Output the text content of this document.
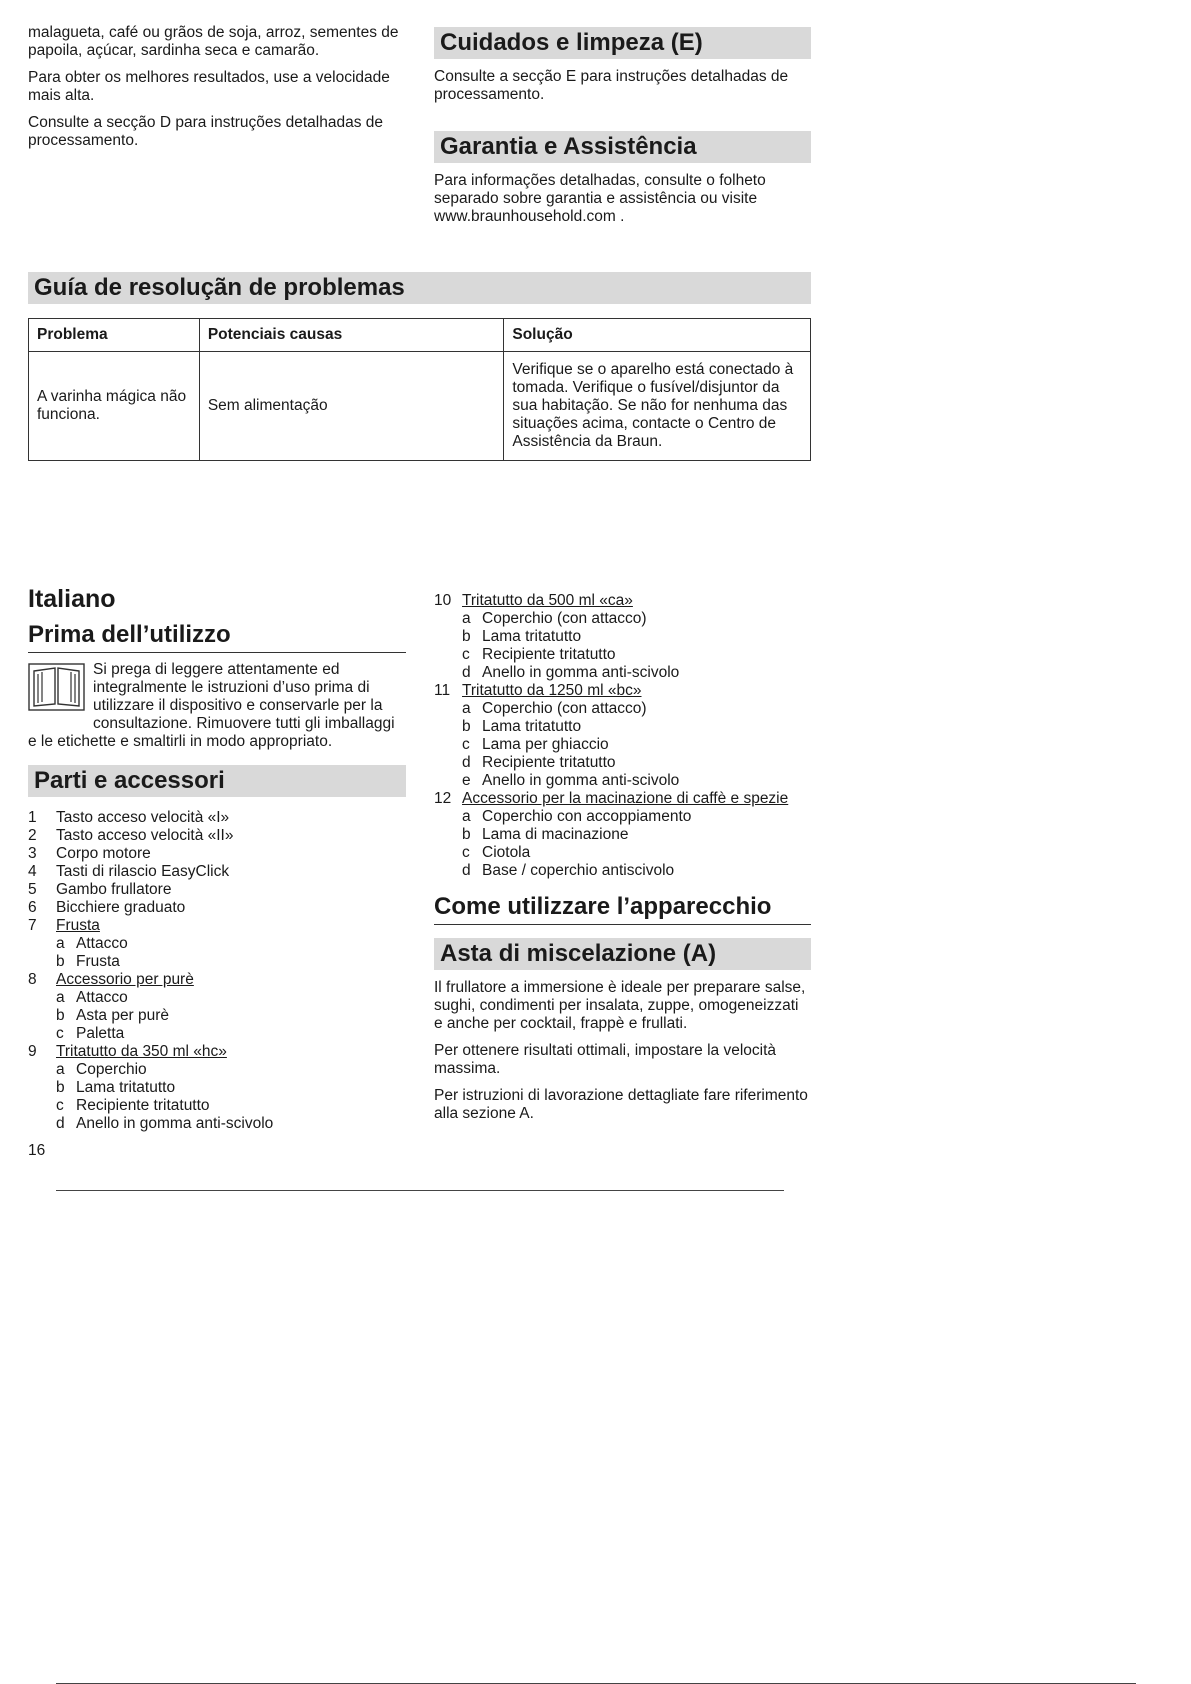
malagueta, café ou grãos de soja, arroz, sementes de papoila, açúcar, sardinha seca e camarão.

Para obter os melhores resultados, use a velocidade mais alta.

Consulte a secção D para instruções detalhadas de processamento.

Cuidados e limpeza (E)

Consulte a secção E para instruções detalhadas de processamento.

Garantia e Assistência

Para informações detalhadas, consulte o folheto separado sobre garantia e assistência ou visite www.braunhousehold.com .

Guía de resoluçãn de problemas
Problema	Potenciais causas	Solução
A varinha mágica não funciona.	Sem alimentação	Verifique se o aparelho está conectado à tomada. Verifique o fusível/disjuntor da sua habitação. Se não for nenhuma das situações acima, contacte o Centro de Assistência da Braun.
Italiano
Prima dell’utilizzo

Si prega di leggere attentamente ed integralmente le istruzioni d’uso prima di utilizzare il dispositivo e conservarle per la consultazione. Rimuovere tutti gli imballaggi e le etichette e smaltirli in modo appropriato.

Parti e accessori
1 Tasto acceso velocità «I»
2 Tasto acceso velocità «II»
3 Corpo motore
4 Tasti di rilascio EasyClick
5 Gambo frullatore
6 Bicchiere graduato
7 Frusta
a Attacco
b Frusta
8 Accessorio per purè
a Attacco
b Asta per purè
c Paletta
9 Tritatutto da 350 ml «hc»
a Coperchio
b Lama tritatutto
c Recipiente tritatutto
d Anello in gomma anti-scivolo
16
10 Tritatutto da 500 ml «ca»
a Coperchio (con attacco)
b Lama tritatutto
c Recipiente tritatutto
d Anello in gomma anti-scivolo
11 Tritatutto da 1250 ml «bc»
a Coperchio (con attacco)
b Lama tritatutto
c Lama per ghiaccio
d Recipiente tritatutto
e Anello in gomma anti-scivolo
12 Accessorio per la macinazione di caffè e spezie
a Coperchio con accoppiamento
b Lama di macinazione
c Ciotola
d Base / coperchio antiscivolo
Come utilizzare l’apparecchio
Asta di miscelazione (A)

Il frullatore a immersione è ideale per preparare salse, sughi, condimenti per insalata, zuppe, omogeneizzati e anche per cocktail, frappè e frullati.

Per ottenere risultati ottimali, impostare la velocità massima.

Per istruzioni di lavorazione dettagliate fare riferimento alla sezione A.
